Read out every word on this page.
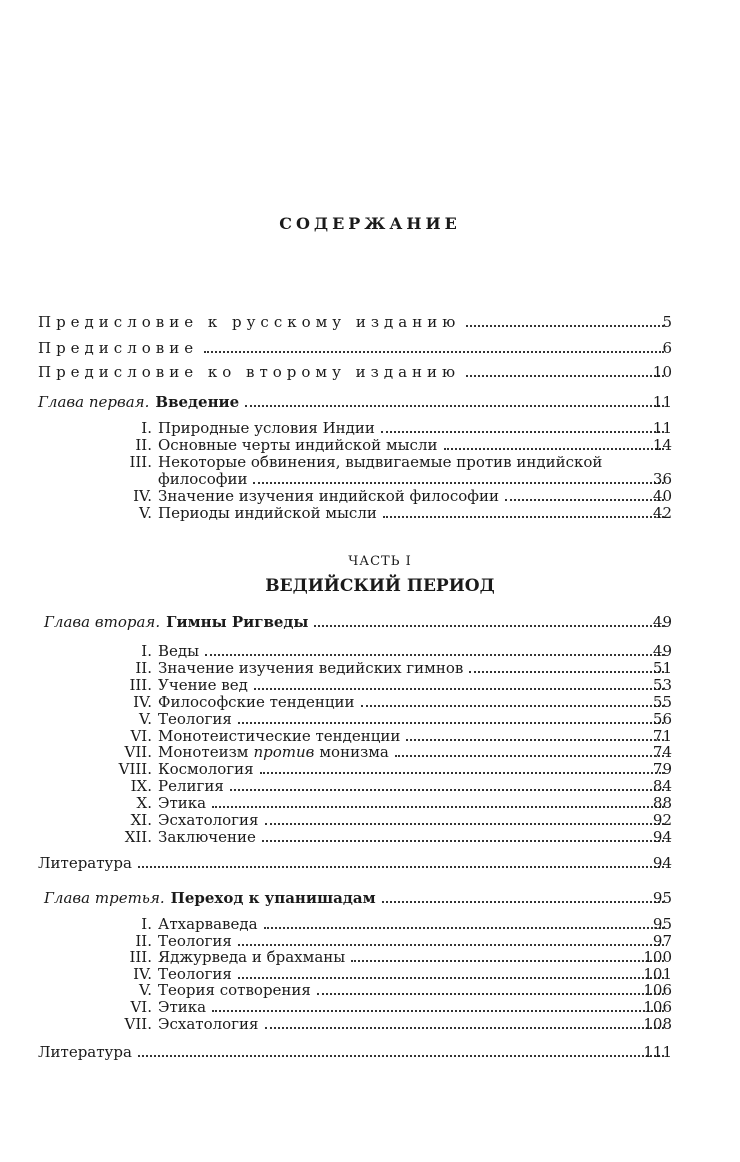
СОДЕРЖАНИЕ
Предисловие к русскому изданию	5
Предисловие	6
Предисловие ко второму изданию	10
Глава первая. Введение	11
I. Природные условия Индии	11
II. Основные черты индийской мысли	14
III. Некоторые обвинения, выдвигаемые против индийской
философии	36
IV. Значение изучения индийской философии	40
V. Периоды индийской мысли	42
ЧАСТЬ I
ВЕДИЙСКИЙ ПЕРИОД
Глава вторая. Гимны Ригведы	49
I. Веды	49
II. Значение изучения ведийских гимнов	51
III. Учение вед	53
IV. Философские тенденции	55
V. Теология	56
VI. Монотеистические тенденции	71
VII. Монотеизм против монизма	74
VIII. Космология	79
IX. Религия	84
X. Этика	88
XI. Эсхатология	92
XII. Заключение	94
Литература	94
Глава третья. Переход к упанишадам	95
I. Атхарваведа	95
II. Теология	97
III. Яджурведа и брахманы	100
IV. Теология	101
V. Теория сотворения	106
VI. Этика	106
VII. Эсхатология	108
Литература	111
